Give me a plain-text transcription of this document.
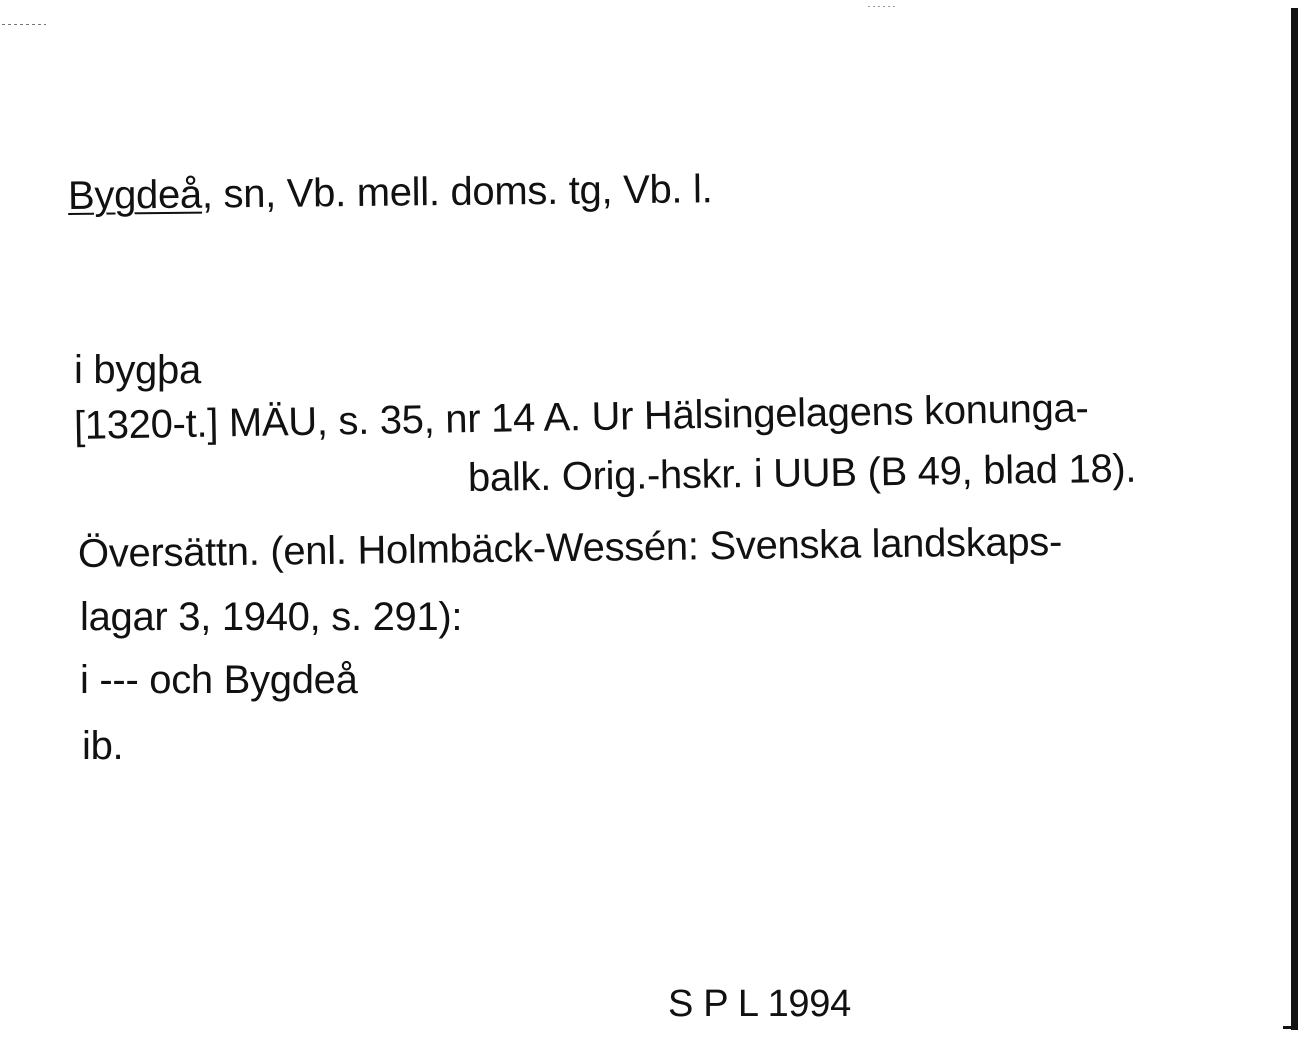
Bygdeå, sn, Vb. mell. doms. tg, Vb. l.
i bygþa
[1320-t.] MÄU, s. 35, nr 14 A. Ur Hälsingelagens konunga-
balk. Orig.-hskr. i UUB (B 49, blad 18).
Översättn. (enl. Holmbäck-Wessén: Svenska landskaps-
lagar 3, 1940, s. 291):
i --- och Bygdeå
ib.
S P L 1994
